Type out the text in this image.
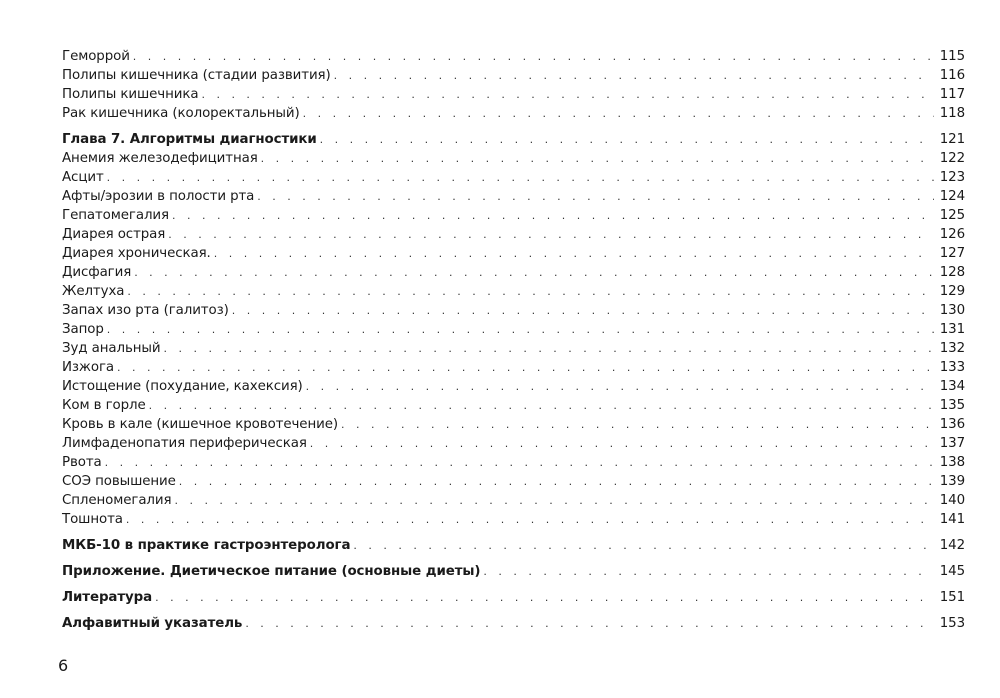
Геморрой . . .	115
Полипы кишечника (стадии развития) . . .	116
Полипы кишечника . . .	117
Рак кишечника (колоректальный) . . .	118
Глава 7. Алгоритмы диагностики . . .	121
Анемия железодефицитная . . .	122
Асцит . . .	123
Афты/эрозии в полости рта . . .	124
Гепатомегалия . . .	125
Диарея острая . . .	126
Диарея хроническая. . . .	127
Дисфагия . . .	128
Желтуха . . .	129
Запах изо рта (галитоз) . . .	130
Запор . . .	131
Зуд анальный . . .	132
Изжога . . .	133
Истощение (похудание, кахексия) . . .	134
Ком в горле . . .	135
Кровь в кале (кишечное кровотечение) . . .	136
Лимфаденопатия периферическая . . .	137
Рвота . . .	138
СОЭ повышение . . .	139
Спленомегалия . . .	140
Тошнота . . .	141
МКБ-10 в практике гастроэнтеролога . . .	142
Приложение. Диетическое питание (основные диеты) . . .	145
Литература . . .	151
Алфавитный указатель . . .	153
6
